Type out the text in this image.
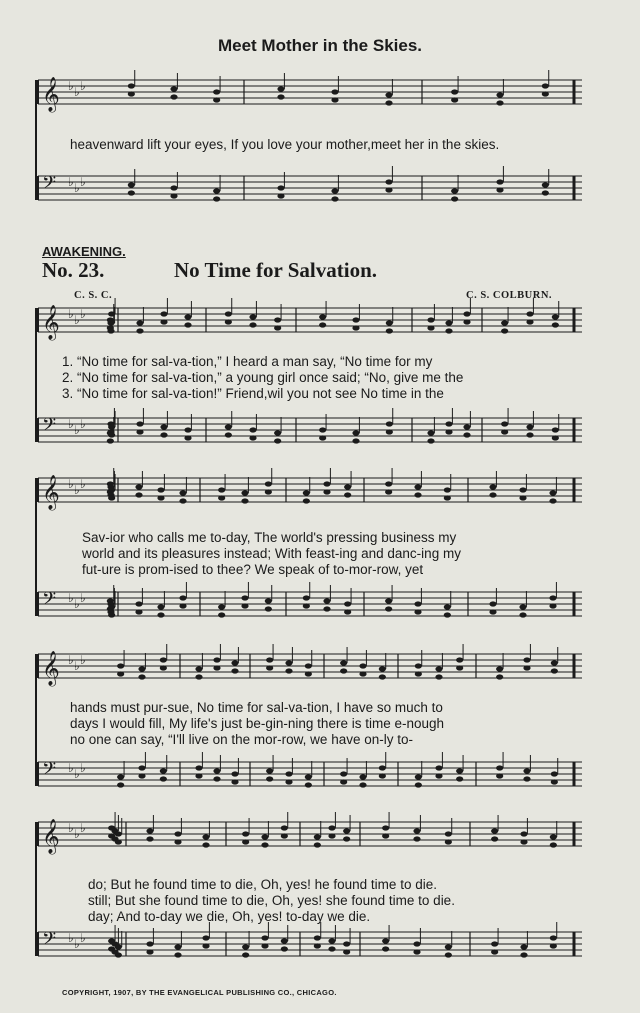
𝄞 ♭ ♭ ♭
𝄢 ♭ ♭ ♭
𝄞 ♭ ♭ ♭
𝄢 ♭ ♭ ♭
𝄞 ♭ ♭ ♭
𝄢 ♭ ♭ ♭
𝄞 ♭ ♭ ♭
𝄢 ♭ ♭ ♭
𝄞 ♭ ♭ ♭
𝄢 ♭ ♭ ♭
Meet Mother in the Skies.
heavenward lift your eyes, If you love your mother,meet her in the skies.
AWAKENING.
No. 23.	No Time for Salvation.
C. S. C.	C. S. COLBURN.
1. “No time for sal-va-tion,” I heard a man say, “No time for my
2. “No time for sal-va-tion,” a young girl once said; “No, give me the
3. “No time for sal-va-tion!” Friend,wil you not see No time in the
Sav-ior who calls me to-day, The world's pressing business my
world and its pleasures instead; With feast-ing and danc-ing my
fut-ure is prom-ised to thee? We speak of to-mor-row, yet
hands must pur-sue, No time for sal-va-tion, I have so much to
days I would fill, My life's just be-gin-ning there is time e-nough
no one can say, “I'll live on the mor-row, we have on-ly to-
do; But he found time to die, Oh, yes! he found time to die.
still; But she found time to die, Oh, yes! she found time to die.
day; And to-day we die, Oh, yes! to-day we die.
COPYRIGHT, 1907, BY THE EVANGELICAL PUBLISHING CO., CHICAGO.
